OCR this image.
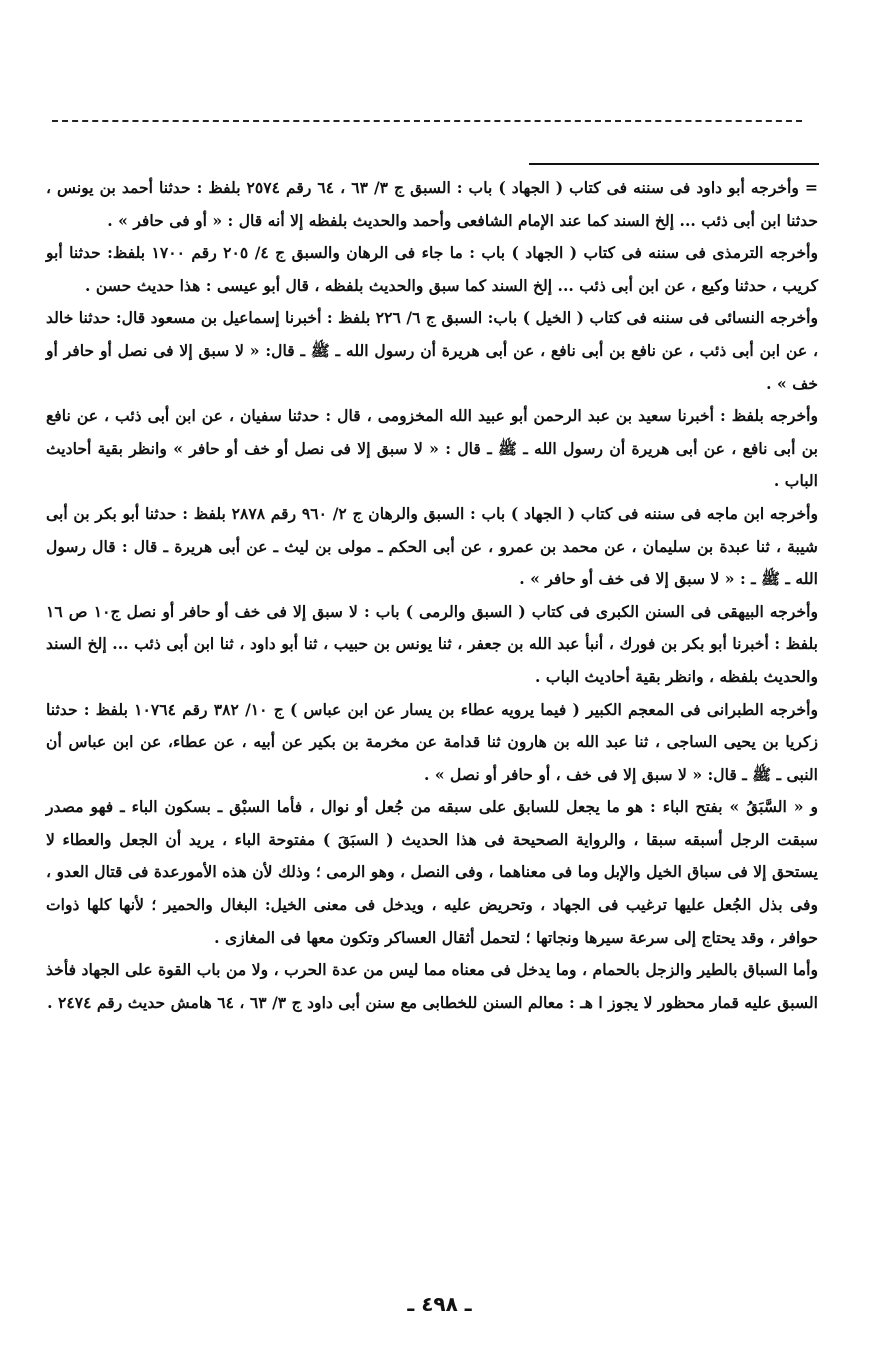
= وأخرجه أبو داود فى سننه فى كتاب ( الجهاد ) باب : السبق ج ٣/ ٦٣ ، ٦٤ رقم ٢٥٧٤ بلفظ : حدثنا أحمد بن يونس ، حدثنا ابن أبى ذئب ... إلخ السند كما عند الإمام الشافعى وأحمد والحديث بلفظه إلا أنه قال : « أو فى حافر » .

وأخرجه الترمذى فى سننه فى كتاب ( الجهاد ) باب : ما جاء فى الرهان والسبق ج ٤/ ٢٠٥ رقم ١٧٠٠ بلفظ: حدثنا أبو كريب ، حدثنا وكيع ، عن ابن أبى ذئب ... إلخ السند كما سبق والحديث بلفظه ، قال أبو عيسى : هذا حديث حسن .

وأخرجه النسائى فى سننه فى كتاب ( الخيل ) باب: السبق ج ٦/ ٢٢٦ بلفظ : أخبرنا إسماعيل بن مسعود قال: حدثنا خالد ، عن ابن أبى ذئب ، عن نافع بن أبى نافع ، عن أبى هريرة أن رسول الله ـ ﷺ ـ قال: « لا سبق إلا فى نصل أو حافر أو خف » .

وأخرجه بلفظ : أخبرنا سعيد بن عبد الرحمن أبو عبيد الله المخزومى ، قال : حدثنا سفيان ، عن ابن أبى ذئب ، عن نافع بن أبى نافع ، عن أبى هريرة أن رسول الله ـ ﷺ ـ قال : « لا سبق إلا فى نصل أو خف أو حافر » وانظر بقية أحاديث الباب .

وأخرجه ابن ماجه فى سننه فى كتاب ( الجهاد ) باب : السبق والرهان ج ٢/ ٩٦٠ رقم ٢٨٧٨ بلفظ : حدثنا أبو بكر بن أبى شيبة ، ثنا عبدة بن سليمان ، عن محمد بن عمرو ، عن أبى الحكم ـ مولى بن ليث ـ عن أبى هريرة ـ قال : قال رسول الله ـ ﷺ ـ : « لا سبق إلا فى خف أو حافر » .

وأخرجه البيهقى فى السنن الكبرى فى كتاب ( السبق والرمى ) باب : لا سبق إلا فى خف أو حافر أو نصل ج١٠ ص ١٦ بلفظ : أخبرنا أبو بكر بن فورك ، أنبأ عبد الله بن جعفر ، ثنا يونس بن حبيب ، ثنا أبو داود ، ثنا ابن أبى ذئب ... إلخ السند والحديث بلفظه ، وانظر بقية أحاديث الباب .

وأخرجه الطبرانى فى المعجم الكبير ( فيما يرويه عطاء بن يسار عن ابن عباس ) ج ١٠/ ٣٨٢ رقم ١٠٧٦٤ بلفظ : حدثنا زكريا بن يحيى الساجى ، ثنا عبد الله بن هارون ثنا قدامة عن مخرمة بن بكير عن أبيه ، عن عطاء، عن ابن عباس أن النبى ـ ﷺ ـ قال: « لا سبق إلا فى خف ، أو حافر أو نصل » .

و « السَّبَقُ » بفتح الباء : هو ما يجعل للسابق على سبقه من جُعل أو نوال ، فأما السبْق ـ بسكون الباء ـ فهو مصدر سبقت الرجل أسبقه سبقا ، والرواية الصحيحة فى هذا الحديث ( السبَقَ ) مفتوحة الباء ، يريد أن الجعل والعطاء لا يستحق إلا فى سباق الخيل والإبل وما فى معناهما ، وفى النصل ، وهو الرمى ؛ وذلك لأن هذه الأمورعدة فى قتال العدو ، وفى بذل الجُعل عليها ترغيب فى الجهاد ، وتحريض عليه ، ويدخل فى معنى الخيل: البغال والحمير ؛ لأنها كلها ذوات حوافر ، وقد يحتاج إلى سرعة سيرها ونجاتها ؛ لتحمل أثقال العساكر وتكون معها فى المغازى .

وأما السباق بالطير والزجل بالحمام ، وما يدخل فى معناه مما ليس من عدة الحرب ، ولا من باب القوة على الجهاد فأخذ السبق عليه قمار محظور لا يجوز ا هـ : معالم السنن للخطابى مع سنن أبى داود ج ٣/ ٦٣ ، ٦٤ هامش حديث رقم ٢٤٧٤ .

ـ ٤٩٨ ـ
